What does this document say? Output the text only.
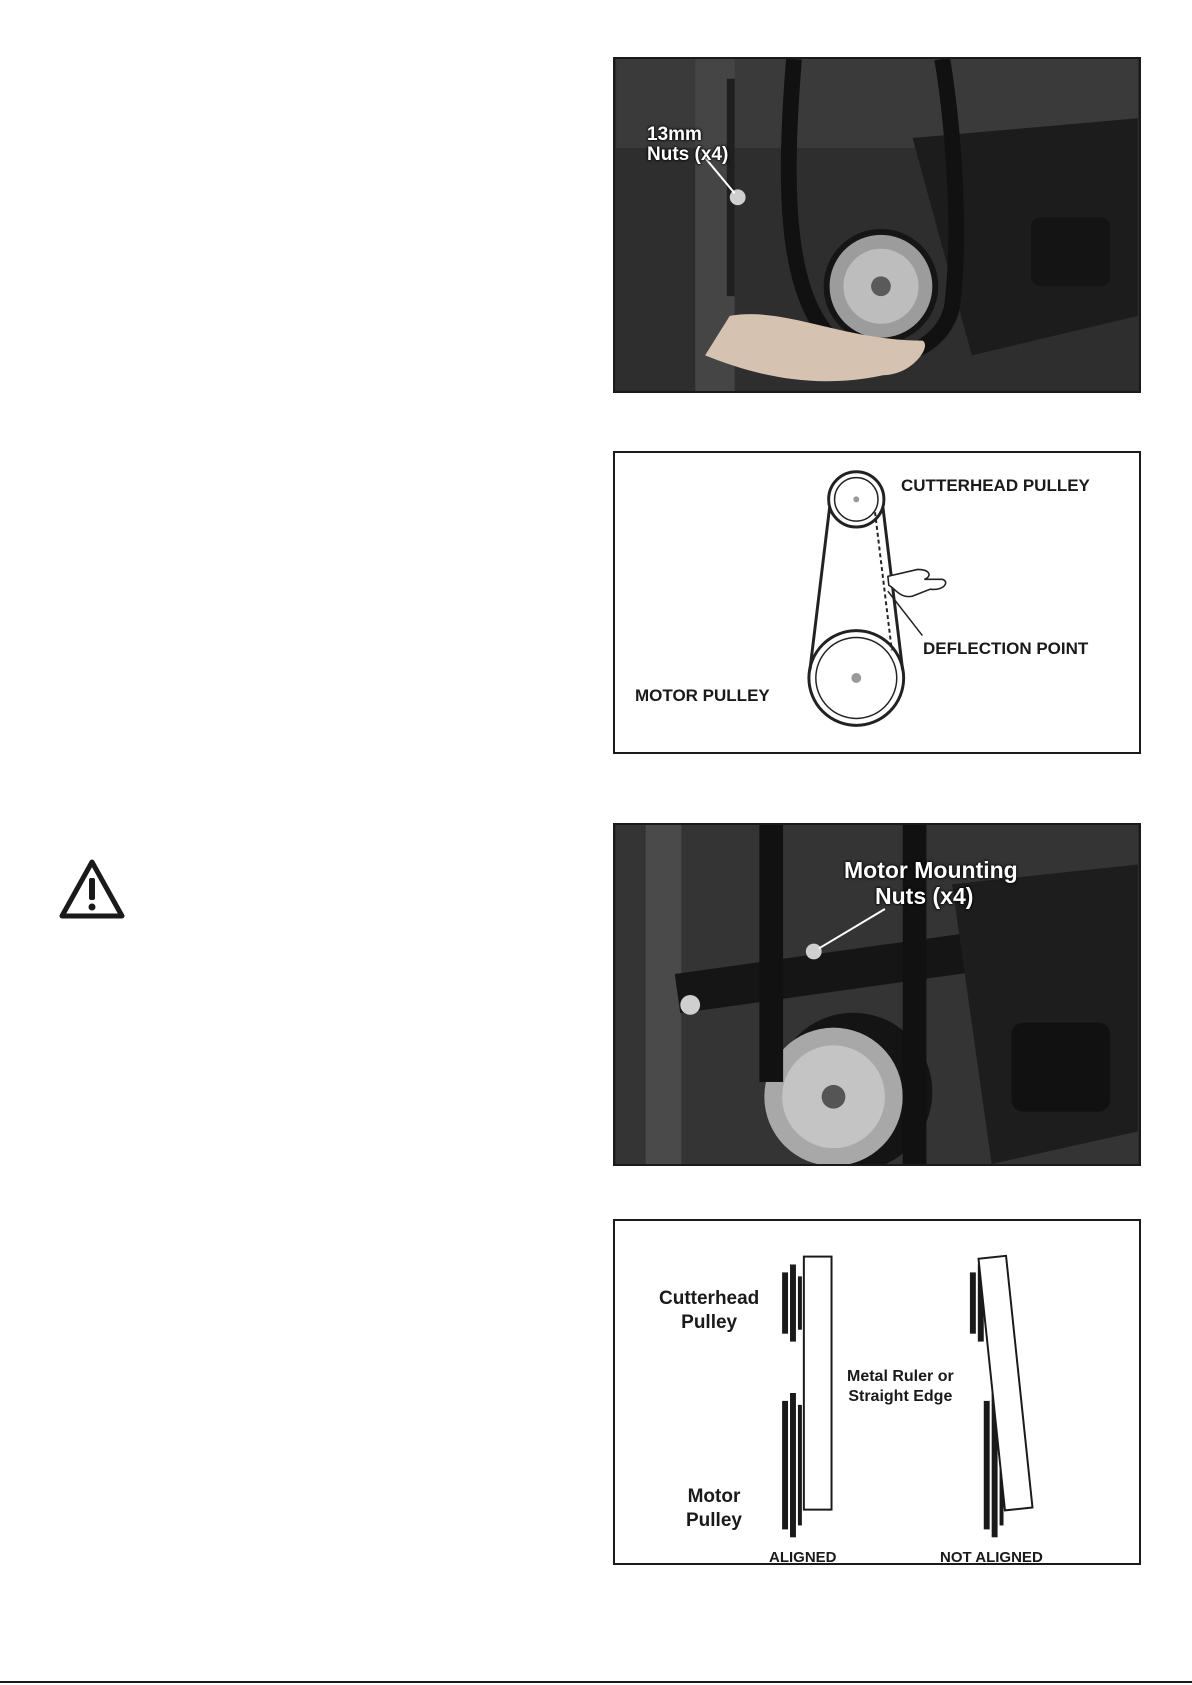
13mm
Nuts (x4)
CUTTERHEAD PULLEY
DEFLECTION POINT
MOTOR PULLEY
Motor Mounting
Nuts (x4)
Cutterhead
Pulley
Motor
Pulley
Metal Ruler or
Straight Edge
ALIGNED	NOT ALIGNED
